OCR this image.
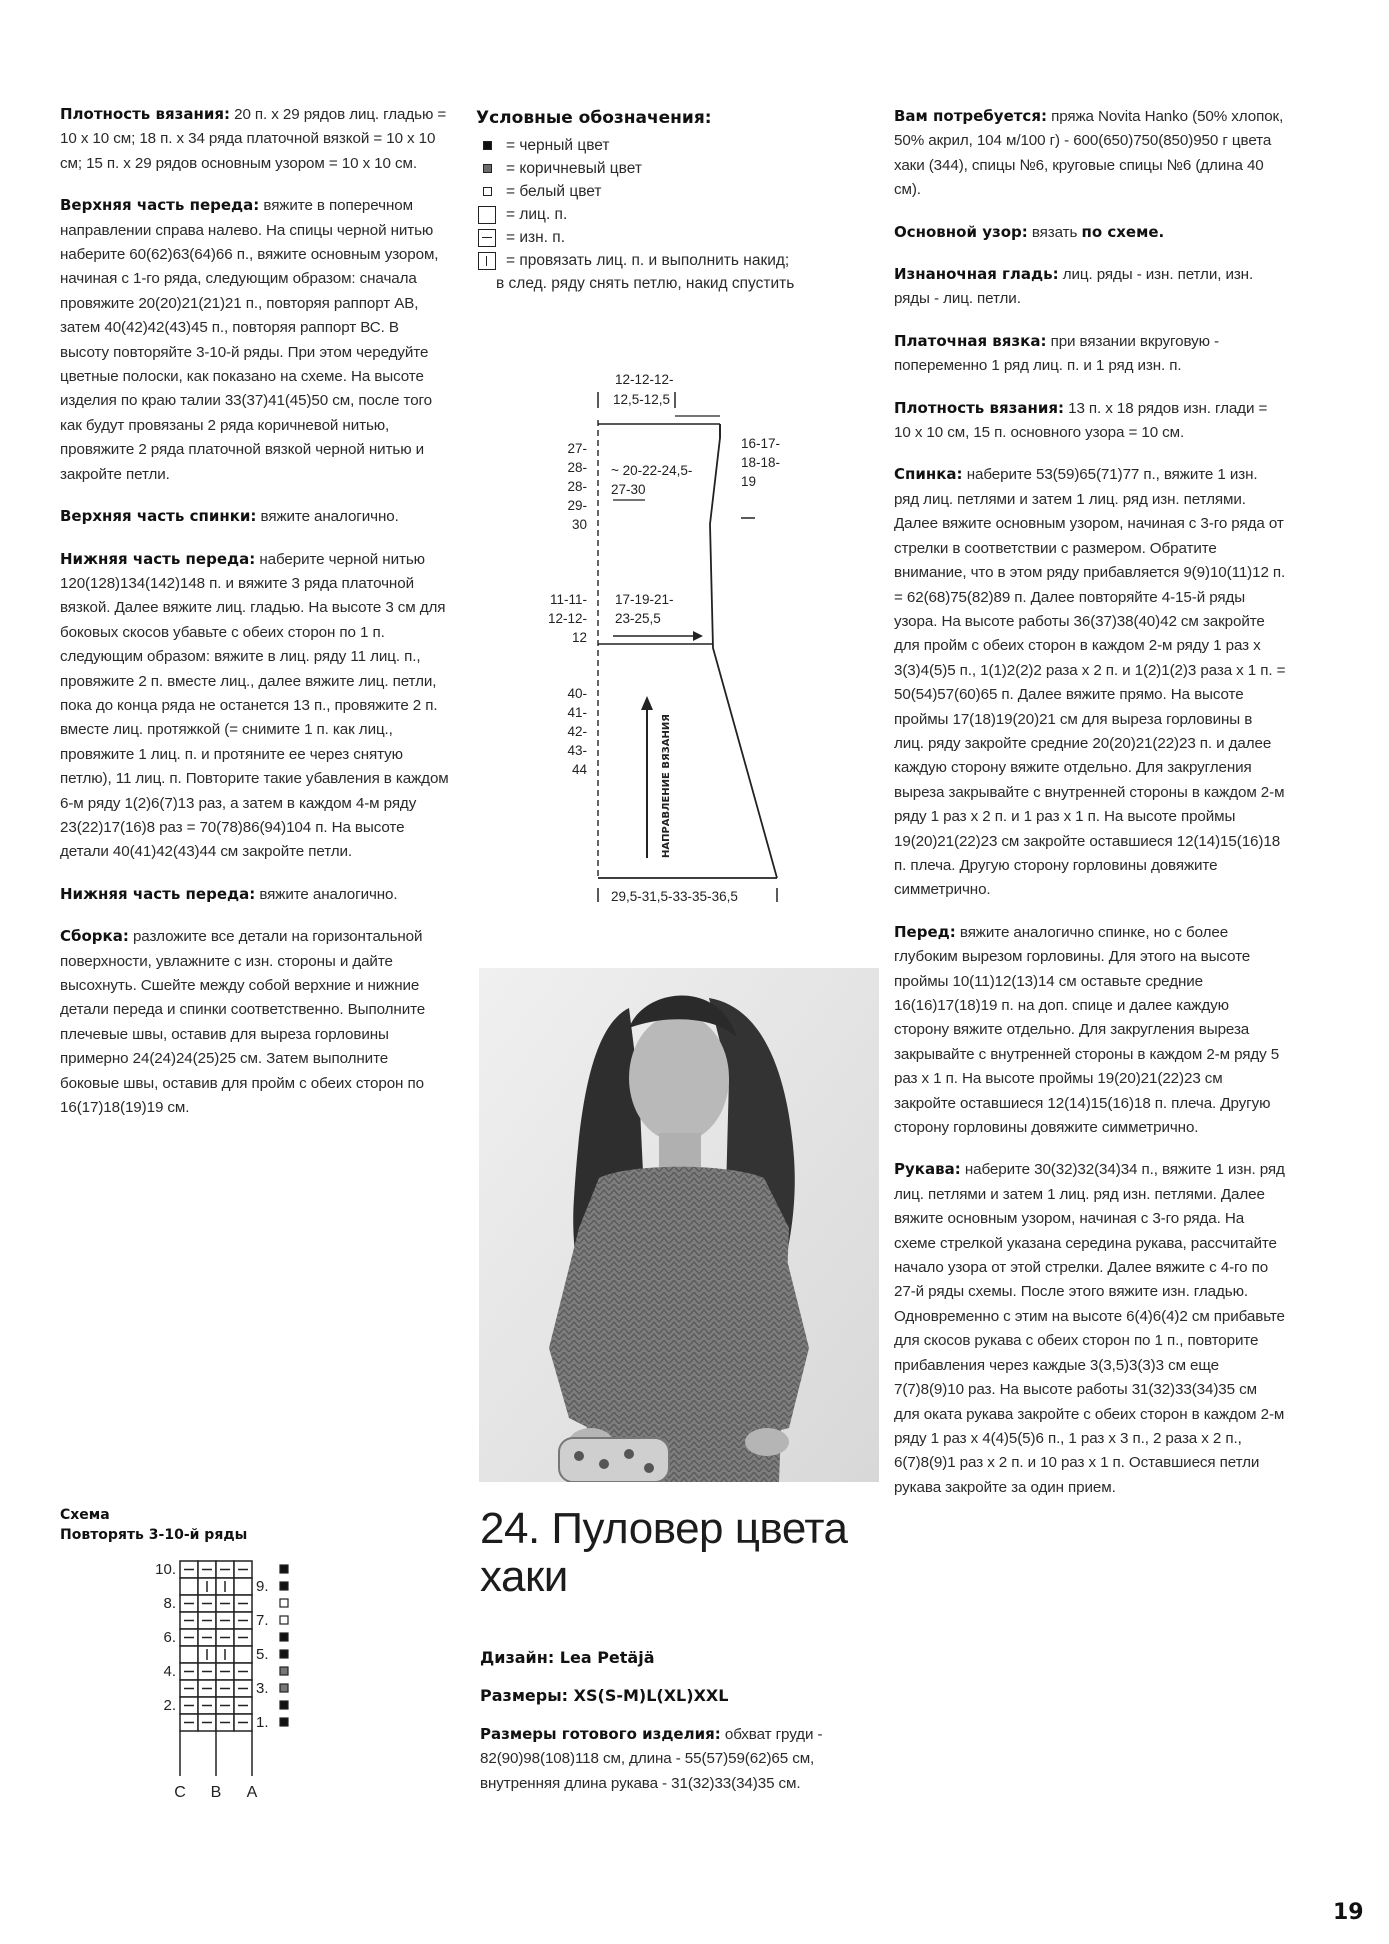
Плотность вязания: 20 п. х 29 рядов лиц. гладью = 10 х 10 см; 18 п. х 34 ряда платочной вязкой = 10 х 10 см; 15 п. х 29 рядов основным узором = 10 х 10 см.

Верхняя часть переда: вяжите в поперечном направлении справа налево. На спицы черной нитью наберите 60(62)63(64)66 п., вяжите основным узором, начиная с 1-го ряда, следующим образом: сначала провяжите 20(20)21(21)21 п., повторяя раппорт АВ, затем 40(42)42(43)45 п., повторяя раппорт ВС. В высоту повторяйте 3-10-й ряды. При этом чередуйте цветные полоски, как показано на схеме. На высоте изделия по краю талии 33(37)41(45)50 см, после того как будут провязаны 2 ряда коричневой нитью, провяжите 2 ряда платочной вязкой черной нитью и закройте петли.

Верхняя часть спинки: вяжите аналогично.

Нижняя часть переда: наберите черной нитью 120(128)134(142)148 п. и вяжите 3 ряда платочной вязкой. Далее вяжите лиц. гладью. На высоте 3 см для боковых скосов убавьте с обеих сторон по 1 п. следующим образом: вяжите в лиц. ряду 11 лиц. п., провяжите 2 п. вместе лиц., далее вяжите лиц. петли, пока до конца ряда не останется 13 п., провяжите 2 п. вместе лиц. протяжкой (= снимите 1 п. как лиц., провяжите 1 лиц. п. и протяните ее через снятую петлю), 11 лиц. п. Повторите такие убавления в каждом 6-м ряду 1(2)6(7)13 раз, а затем в каждом 4-м ряду 23(22)17(16)8 раз = 70(78)86(94)104 п. На высоте детали 40(41)42(43)44 см закройте петли.

Нижняя часть переда: вяжите аналогично.

Сборка: разложите все детали на горизонтальной поверхности, увлажните с изн. стороны и дайте высохнуть. Сшейте между собой верхние и нижние детали переда и спинки соответственно. Выполните плечевые швы, оставив для выреза горловины примерно 24(24)24(25)25 см. Затем выполните боковые швы, оставив для пройм с обеих сторон по 16(17)18(19)19 см.

Схема
Повторять 3-10-й ряды
10.
8.
6.
4.
2.
9.
7.
5.
3.
1.
C B A
Условные обозначения:
= черный цвет
= коричневый цвет
= белый цвет
= лиц. п.
= изн. п.
= провязать лиц. п. и выполнить накид;
в след. ряду снять петлю, накид спустить
12-12-12-
12,5-12,5
27-
28-
28-
29-
30
~ 20-22-24,5-
27-30
16-17-
18-18-
19
11-11-
12-12-
12
17-19-21-
23-25,5
40-
41-
42-
43-
44	НАПРАВЛЕНИЕ ВЯЗАНИЯ
29,5-31,5-33-35-36,5
24. Пуловер цвета хаки
Дизайн: Lea Petäjä
Размеры: XS(S-M)L(XL)XXL

Размеры готового изделия: обхват груди - 82(90)98(108)118 см, длина - 55(57)59(62)65 см, внутренняя длина рукава - 31(32)33(34)35 см.

Вам потребуется: пряжа Novita Hanko (50% хлопок, 50% акрил, 104 м/100 г) - 600(650)750(850)950 г цвета хаки (344), спицы №6, круговые спицы №6 (длина 40 см).

Основной узор: вязать по схеме.

Изнаночная гладь: лиц. ряды - изн. петли, изн. ряды - лиц. петли.

Платочная вязка: при вязании вкруговую - попеременно 1 ряд лиц. п. и 1 ряд изн. п.

Плотность вязания: 13 п. х 18 рядов изн. глади = 10 х 10 см, 15 п. основного узора = 10 см.

Спинка: наберите 53(59)65(71)77 п., вяжите 1 изн. ряд лиц. петлями и затем 1 лиц. ряд изн. петлями. Далее вяжите основным узором, начиная с 3-го ряда от стрелки в соответствии с размером. Обратите внимание, что в этом ряду прибавляется 9(9)10(11)12 п. = 62(68)75(82)89 п. Далее повторяйте 4-15-й ряды узора. На высоте работы 36(37)38(40)42 см закройте для пройм с обеих сторон в каждом 2-м ряду 1 раз х 3(3)4(5)5 п., 1(1)2(2)2 раза х 2 п. и 1(2)1(2)3 раза х 1 п. = 50(54)57(60)65 п. Далее вяжите прямо. На высоте проймы 17(18)19(20)21 см для выреза горловины в лиц. ряду закройте средние 20(20)21(22)23 п. и далее каждую сторону вяжите отдельно. Для закругления выреза закрывайте с внутренней стороны в каждом 2-м ряду 1 раз х 2 п. и 1 раз х 1 п. На высоте проймы 19(20)21(22)23 см закройте оставшиеся 12(14)15(16)18 п. плеча. Другую сторону горловины довяжите симметрично.

Перед: вяжите аналогично спинке, но с более глубоким вырезом горловины. Для этого на высоте проймы 10(11)12(13)14 см оставьте средние 16(16)17(18)19 п. на доп. спице и далее каждую сторону вяжите отдельно. Для закругления выреза закрывайте с внутренней стороны в каждом 2-м ряду 5 раз х 1 п. На высоте проймы 19(20)21(22)23 см закройте оставшиеся 12(14)15(16)18 п. плеча. Другую сторону горловины довяжите симметрично.

Рукава: наберите 30(32)32(34)34 п., вяжите 1 изн. ряд лиц. петлями и затем 1 лиц. ряд изн. петлями. Далее вяжите основным узором, начиная с 3-го ряда. На схеме стрелкой указана середина рукава, рассчитайте начало узора от этой стрелки. Далее вяжите с 4-го по 27-й ряды схемы. После этого вяжите изн. гладью. Одновременно с этим на высоте 6(4)6(4)2 см прибавьте для скосов рукава с обеих сторон по 1 п., повторите прибавления через каждые 3(3,5)3(3)3 см еще 7(7)8(9)10 раз. На высоте работы 31(32)33(34)35 см для оката рукава закройте с обеих сторон в каждом 2-м ряду 1 раз х 4(4)5(5)6 п., 1 раз х 3 п., 2 раза х 2 п., 6(7)8(9)1 раз х 2 п. и 10 раз х 1 п. Оставшиеся петли рукава закройте за один прием.

19
